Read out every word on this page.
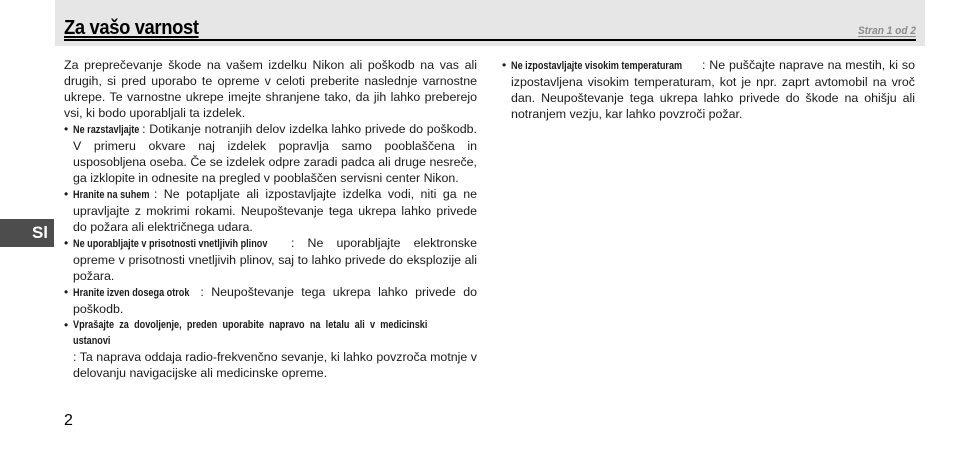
Za vašo varnost	Stran 1 od 2
Sl

Za preprečevanje škode na vašem izdelku Nikon ali poškodb na vas ali drugih, si pred uporabo te opreme v celoti preberite naslednje varnostne ukrepe. Te varnostne ukrepe imejte shranjene tako, da jih lahko preberejo vsi, ki bodo uporabljali ta izdelek.

• Ne razstavljajte : Dotikanje notranjih delov izdelka lahko privede do poškodb. V primeru okvare naj izdelek popravlja samo pooblaščena in usposobljena oseba. Če se izdelek odpre zaradi padca ali druge nesreče, ga izklopite in odnesite na pregled v pooblaščen servisni center Nikon.
• Hranite na suhem : Ne potapljate ali izpostavljajte izdelka vodi, niti ga ne upravljajte z mokrimi rokami. Neupoštevanje tega ukrepa lahko privede do požara ali električnega udara.
• Ne uporabljajte v prisotnosti vnetljivih plinov : Ne uporabljajte elektronske opreme v prisotnosti vnetljivih plinov, saj to lahko privede do eksplozije ali požara.
• Hranite izven dosega otrok : Neupoštevanje tega ukrepa lahko privede do poškodb.
• Vprašajte za dovoljenje, preden uporabite napravo na letalu ali v medicinski ustanovi: Ta naprava oddaja radio-frekvenčno sevanje, ki lahko povzroča motnje v delovanju navigacijske ali medicinske opreme.
• Ne izpostavljajte visokim temperaturam : Ne puščajte naprave na mestih, ki so izpostavljena visokim temperaturam, kot je npr. zaprt avtomobil na vroč dan. Neupoštevanje tega ukrepa lahko privede do škode na ohišju ali notranjem vezju, kar lahko povzroči požar.
2
